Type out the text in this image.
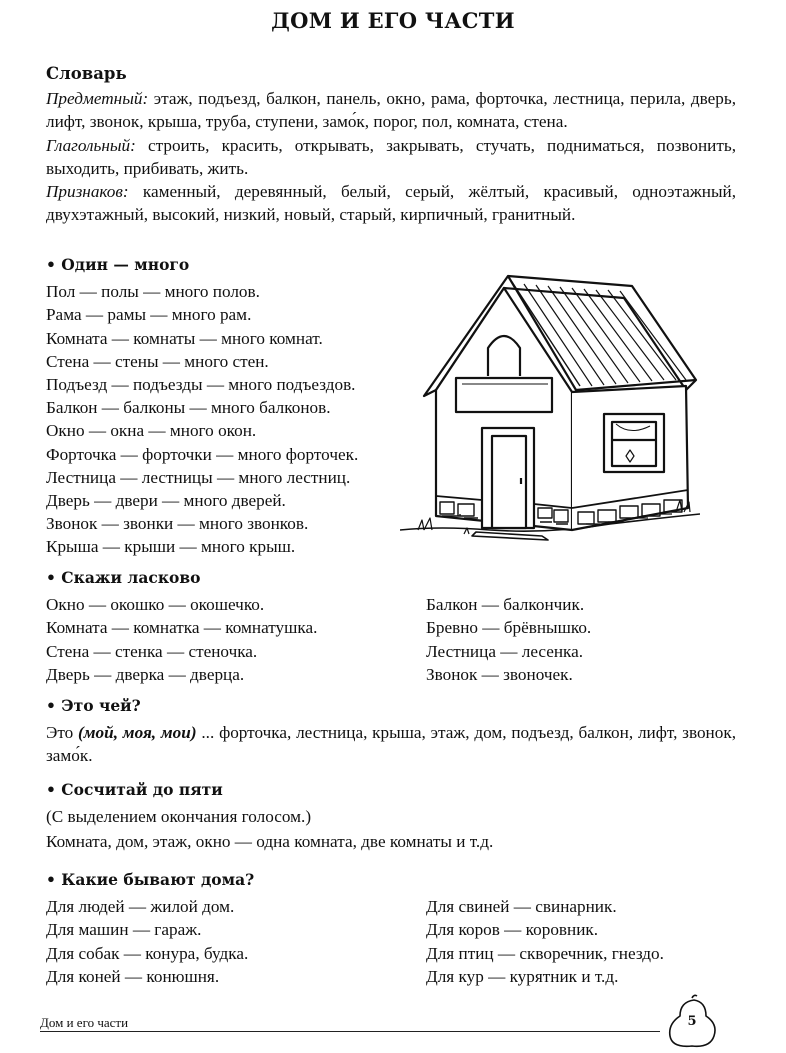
ДОМ И ЕГО ЧАСТИ
Словарь
Предметный: этаж, подъезд, балкон, панель, окно, рама, форточка, лестница, перила, дверь, лифт, звонок, крыша, труба, ступени, замо́к, порог, пол, комната, стена.
Глагольный: строить, красить, открывать, закрывать, стучать, подниматься, позвонить, выходить, прибивать, жить.
Признаков: каменный, деревянный, белый, серый, жёлтый, красивый, одноэтажный, двухэтажный, высокий, низкий, новый, старый, кирпичный, гранитный.
• Один — много
Пол — полы — много полов.
Рама — рамы — много рам.
Комната — комнаты — много комнат.
Стена — стены — много стен.
Подъезд — подъезды — много подъездов.
Балкон — балконы — много балконов.
Окно — окна — много окон.
Форточка — форточки — много форточек.
Лестница — лестницы — много лестниц.
Дверь — двери — много дверей.
Звонок — звонки — много звонков.
Крыша — крыши — много крыш.
• Скажи ласково
Окно — окошко — окошечко.
Комната — комнатка — комнатушка.
Стена — стенка — стеночка.
Дверь — дверка — дверца.
Балкон — балкончик.
Бревно — брёвнышко.
Лестница — лесенка.
Звонок — звоночек.
• Это чей?
Это (мой, моя, мои) ... форточка, лестница, крыша, этаж, дом, подъезд, балкон, лифт, звонок, замо́к.
• Сосчитай до пяти
(С выделением окончания голосом.)
Комната, дом, этаж, окно — одна комната, две комнаты и т.д.
• Какие бывают дома?
Для людей — жилой дом.
Для машин — гараж.
Для собак — конура, будка.
Для коней — конюшня.
Для свиней — свинарник.
Для коров — коровник.
Для птиц — скворечник, гнездо.
Для кур — курятник и т.д.
Дом и его части	5
